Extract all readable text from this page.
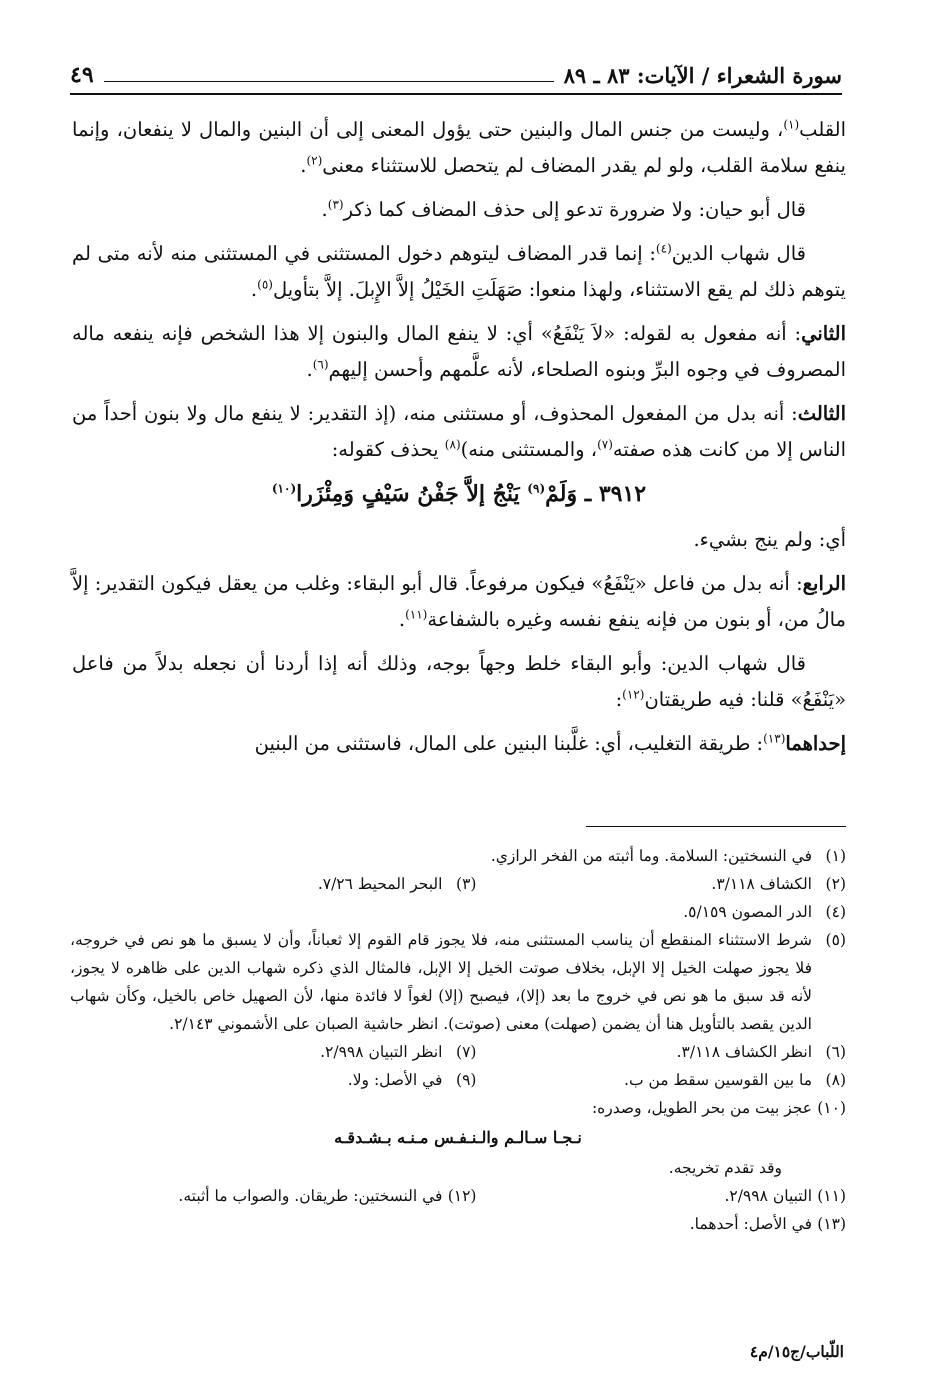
سورة الشعراء / الآيات: ٨٣ ـ ٨٩
٤٩

القلب$^{(١)}$، وليست من جنس المال والبنين حتى يؤول المعنى إلى أن البنين والمال لا ينفعان، وإنما ينفع سلامة القلب، ولو لم يقدر المضاف لم يتحصل للاستثناء معنى$^{(٢)}$.

قال أبو حيان: ولا ضرورة تدعو إلى حذف المضاف كما ذكر$^{(٣)}$.

قال شهاب الدين$^{(٤)}$: إنما قدر المضاف ليتوهم دخول المستثنى في المستثنى منه لأنه متى لم يتوهم ذلك لم يقع الاستثناء، ولهذا منعوا: صَهَلَتِ الخَيْلُ إلاَّ الإِبلَ. إلاَّ بتأويل$^{(٥)}$.

الثاني: أنه مفعول به لقوله: «لاَ يَنْفَعُ» أي: لا ينفع المال والبنون إلا هذا الشخص فإنه ينفعه ماله المصروف في وجوه البرِّ وبنوه الصلحاء، لأنه علَّمهم وأحسن إليهم$^{(٦)}$.

الثالث: أنه بدل من المفعول المحذوف، أو مستثنى منه، (إذ التقدير: لا ينفع مال ولا بنون أحداً من الناس إلا من كانت هذه صفته$^{(٧)}$، والمستثنى منه)$^{(٨)}$ يحذف كقوله:

٣٩١٢ ـ وَلَمْ$^{(٩)}$ يَنْجُ إلاَّ جَفْنُ سَيْفٍ وَمِئْزَرا$^{(١٠)}$

أي: ولم ينج بشيء.

الرابع: أنه بدل من فاعل «يَنْفَعُ» فيكون مرفوعاً. قال أبو البقاء: وغلب من يعقل فيكون التقدير: إلاَّ مالُ من، أو بنون من فإنه ينفع نفسه وغيره بالشفاعة$^{(١١)}$.

قال شهاب الدين: وأبو البقاء خلط وجهاً بوجه، وذلك أنه إذا أردنا أن نجعله بدلاً من فاعل «يَنْفَعُ» قلنا: فيه طريقتان$^{(١٢)}$:

إحداهما$^{(١٣)}$: طريقة التغليب، أي: غلَّبنا البنين على المال، فاستثنى من البنين

(١)
في النسختين: السلامة. وما أثبته من الفخر الرازي.
(٢)
الكشاف ٣/١١٨.
(٣)
البحر المحيط ٧/٢٦.
(٤)
الدر المصون ٥/١٥٩.
(٥)
شرط الاستثناء المنقطع أن يناسب المستثنى منه، فلا يجوز قام القوم إلا ثعباناً، وأن لا يسبق ما هو نص في خروجه، فلا يجوز صهلت الخيل إلا الإبل، بخلاف صوتت الخيل إلا الإبل، فالمثال الذي ذكره شهاب الدين على ظاهره لا يجوز، لأنه قد سبق ما هو نص في خروج ما بعد (إلا)، فيصبح (إلا) لغواً لا فائدة منها، لأن الصهيل خاص بالخيل، وكأن شهاب الدين يقصد بالتأويل هنا أن يضمن (صهلت) معنى (صوتت). انظر حاشية الصبان على الأشموني ٢/١٤٣.
(٦)
انظر الكشاف ٣/١١٨.
(٧)
انظر التبيان ٢/٩٩٨.
(٨)
ما بين القوسين سقط من ب.
(٩)
في الأصل: ولا.
(١٠)
عجز بيت من بحر الطويل، وصدره:
نـجـا سـالـم والـنـفـس مـنـه بـشـدقـه
وقد تقدم تخريجه.
(١١)
التبيان ٢/٩٩٨.
(١٢)
في النسختين: طريقان. والصواب ما أثبته.
(١٣)
في الأصل: أحدهما.
اللّباب/ج١٥/م٤
